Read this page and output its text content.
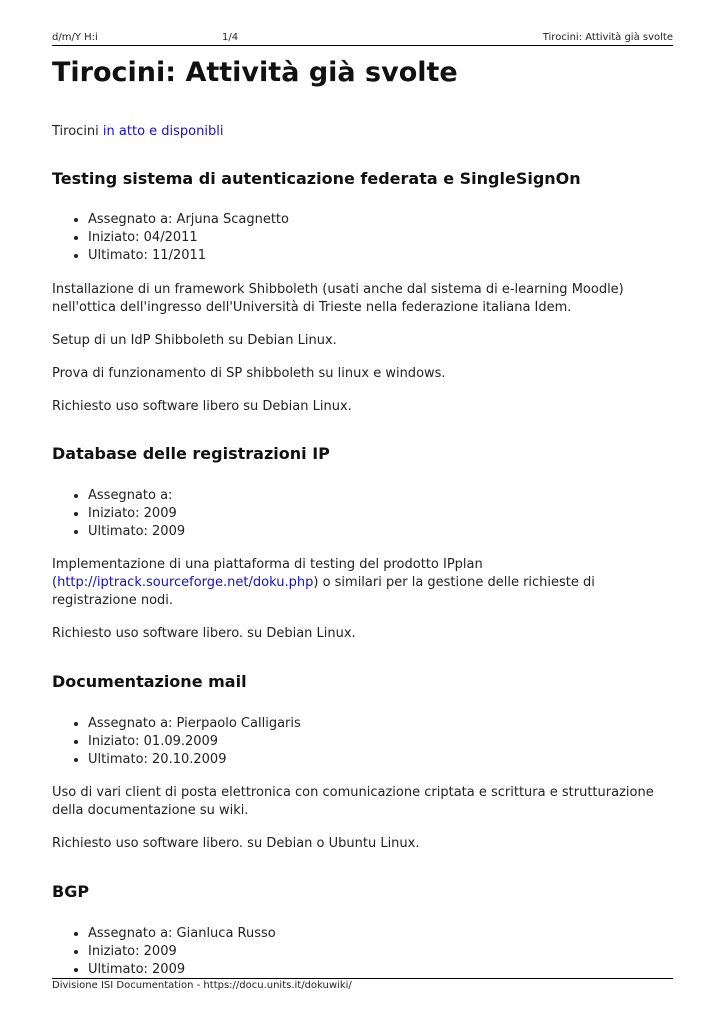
d/m/Y H:i	1/4	Tirocini: Attività già svolte
Tirocini: Attività già svolte
Tirocini in atto e disponibli
Testing sistema di autenticazione federata e SingleSignOn
• Assegnato a: Arjuna Scagnetto
• Iniziato: 04/2011
• Ultimato: 11/2011

Installazione di un framework Shibboleth (usati anche dal sistema di e-learning Moodle) nell'ottica dell'ingresso dell'Università di Trieste nella federazione italiana Idem.

Setup di un IdP Shibboleth su Debian Linux.

Prova di funzionamento di SP shibboleth su linux e windows.

Richiesto uso software libero su Debian Linux.

Database delle registrazioni IP
• Assegnato a:
• Iniziato: 2009
• Ultimato: 2009

Implementazione di una piattaforma di testing del prodotto IPplan (http://iptrack.sourceforge.net/doku.php) o similari per la gestione delle richieste di registrazione nodi.

Richiesto uso software libero. su Debian Linux.

Documentazione mail
• Assegnato a: Pierpaolo Calligaris
• Iniziato: 01.09.2009
• Ultimato: 20.10.2009

Uso di vari client di posta elettronica con comunicazione criptata e scrittura e strutturazione della documentazione su wiki.

Richiesto uso software libero. su Debian o Ubuntu Linux.

BGP
• Assegnato a: Gianluca Russo
• Iniziato: 2009
• Ultimato: 2009
Divisione ISI Documentation - https://docu.units.it/dokuwiki/
